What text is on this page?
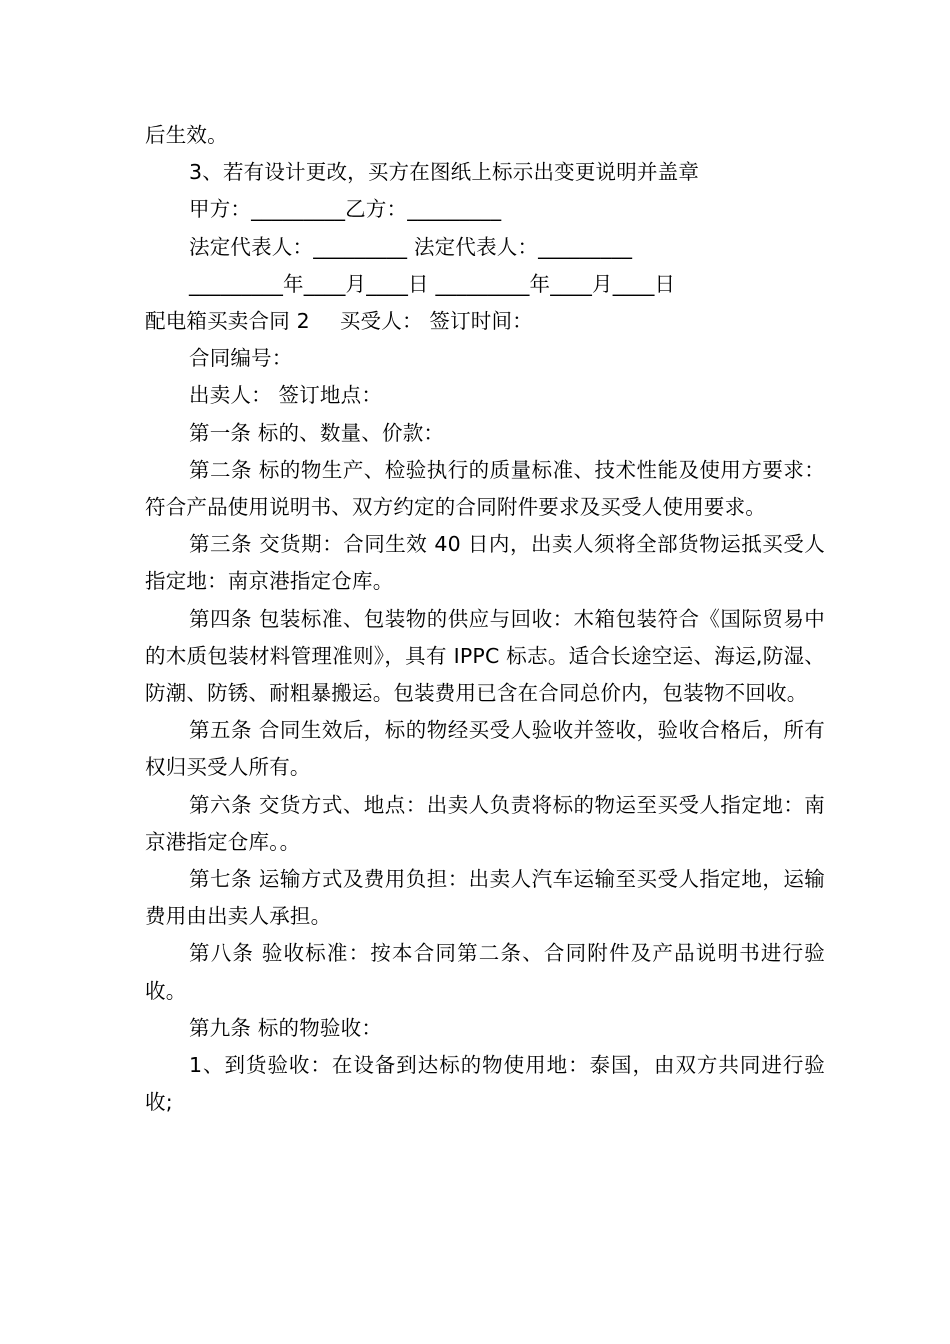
后生效。

3、若有设计更改，买方在图纸上标示出变更说明并盖章

甲方：_________乙方：_________

法定代表人：_________ 法定代表人：_________

_________年____月____日 _________年____月____日

配电箱买卖合同 2 买受人： 签订时间：

合同编号：

出卖人： 签订地点：

第一条 标的、数量、价款：

第二条 标的物生产、检验执行的质量标准、技术性能及使用方要求：符合产品使用说明书、双方约定的合同附件要求及买受人使用要求。

第三条 交货期：合同生效 40 日内，出卖人须将全部货物运抵买受人指定地：南京港指定仓库。

第四条 包装标准、包装物的供应与回收：木箱包装符合《国际贸易中的木质包装材料管理准则》，具有 IPPC 标志。适合长途空运、海运,防湿、防潮、防锈、耐粗暴搬运。包装费用已含在合同总价内，包装物不回收。

第五条 合同生效后，标的物经买受人验收并签收，验收合格后，所有权归买受人所有。

第六条 交货方式、地点：出卖人负责将标的物运至买受人指定地：南京港指定仓库。。

第七条 运输方式及费用负担：出卖人汽车运输至买受人指定地，运输费用由出卖人承担。

第八条 验收标准：按本合同第二条、合同附件及产品说明书进行验收。

第九条 标的物验收：

1、到货验收：在设备到达标的物使用地：泰国，由双方共同进行验收;
